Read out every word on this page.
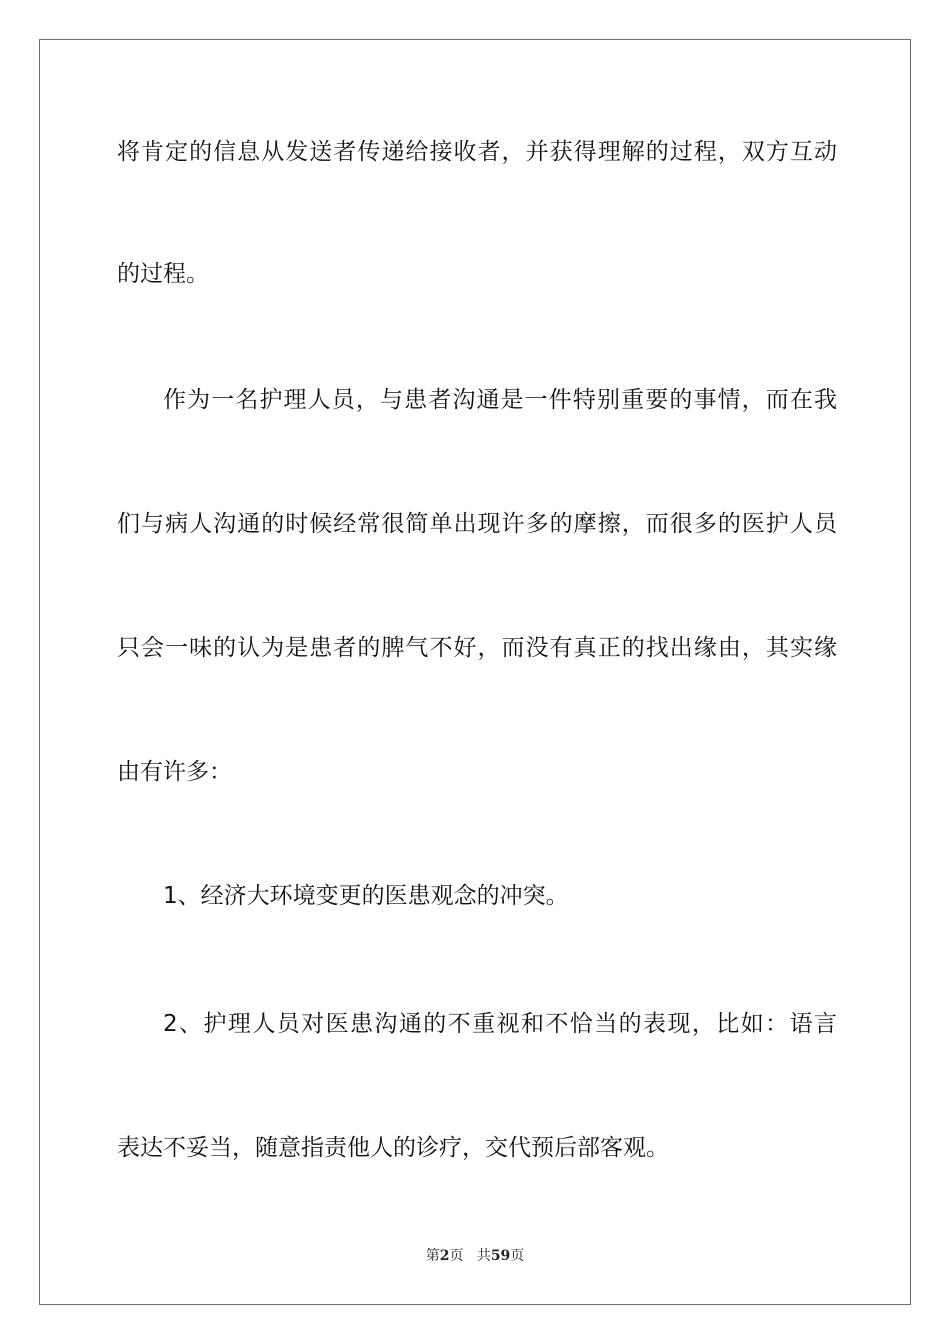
将肯定的信息从发送者传递给接收者，并获得理解的过程，双方互动
的过程。
作为一名护理人员，与患者沟通是一件特别重要的事情，而在我
们与病人沟通的时候经常很简单出现许多的摩擦，而很多的医护人员
只会一味的认为是患者的脾气不好，而没有真正的找出缘由，其实缘
由有许多：
1、经济大环境变更的医患观念的冲突。
2、护理人员对医患沟通的不重视和不恰当的表现，比如：语言
表达不妥当，随意指责他人的诊疗，交代预后部客观。
第2页 共59页
